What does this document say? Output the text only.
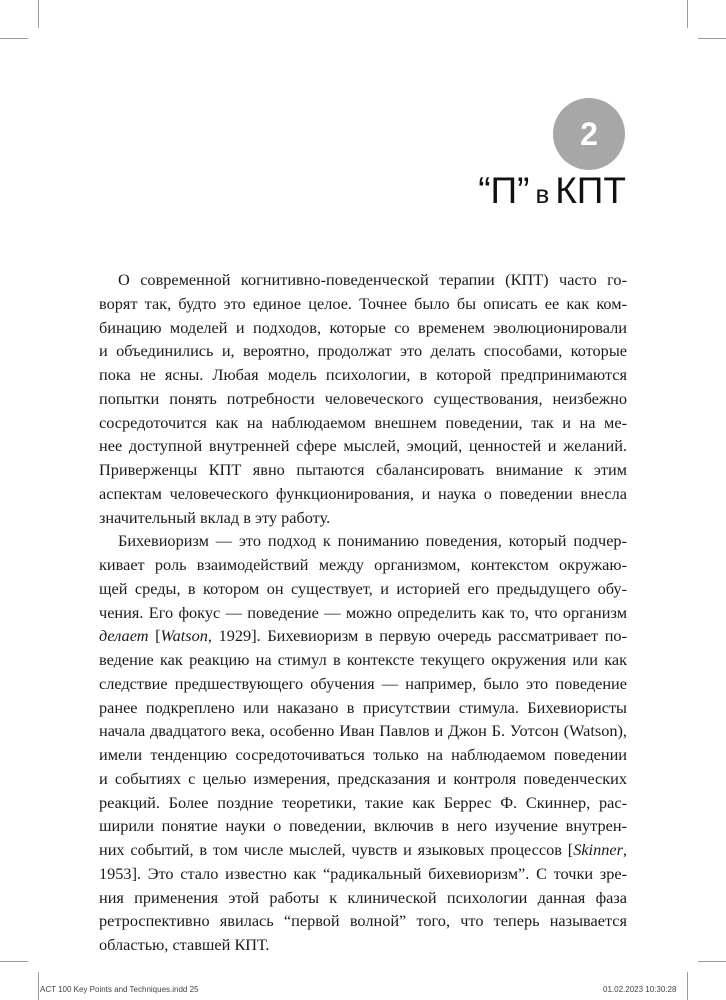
2
“П” в КПТ

О современной когнитивно-поведенческой терапии (КПТ) часто го-
ворят так, будто это единое целое. Точнее было бы описать ее как ком-
бинацию моделей и подходов, которые со временем эволюционировали
и объединились и, вероятно, продолжат это делать способами, которые
пока не ясны. Любая модель психологии, в которой предпринимаются
попытки понять потребности человеческого существования, неизбежно
сосредоточится как на наблюдаемом внешнем поведении, так и на ме-
нее доступной внутренней сфере мыслей, эмоций, ценностей и желаний.
Приверженцы КПТ явно пытаются сбалансировать внимание к этим
аспектам человеческого функционирования, и наука о поведении внесла
значительный вклад в эту работу.

Бихевиоризм — это подход к пониманию поведения, который подчер-
кивает роль взаимодействий между организмом, контекстом окружаю-
щей среды, в котором он существует, и историей его предыдущего обу-
чения. Его фокус — поведение — можно определить как то, что организм
делает [Watson, 1929]. Бихевиоризм в первую очередь рассматривает по-
ведение как реакцию на стимул в контексте текущего окружения или как
следствие предшествующего обучения — например, было это поведение
ранее подкреплено или наказано в присутствии стимула. Бихевиористы
начала двадцатого века, особенно Иван Павлов и Джон Б. Уотсон (Watson),
имели тенденцию сосредоточиваться только на наблюдаемом поведении
и событиях с целью измерения, предсказания и контроля поведенческих
реакций. Более поздние теоретики, такие как Беррес Ф. Скиннер, рас-
ширили понятие науки о поведении, включив в него изучение внутрен-
них событий, в том числе мыслей, чувств и языковых процессов [Skinner,
1953]. Это стало известно как “радикальный бихевиоризм”. С точки зре-
ния применения этой работы к клинической психологии данная фаза
ретроспективно явилась “первой волной” того, что теперь называется
областью, ставшей КПТ.

ACT 100 Key Points and Techniques.indd 25	01.02.2023 10:30:28
